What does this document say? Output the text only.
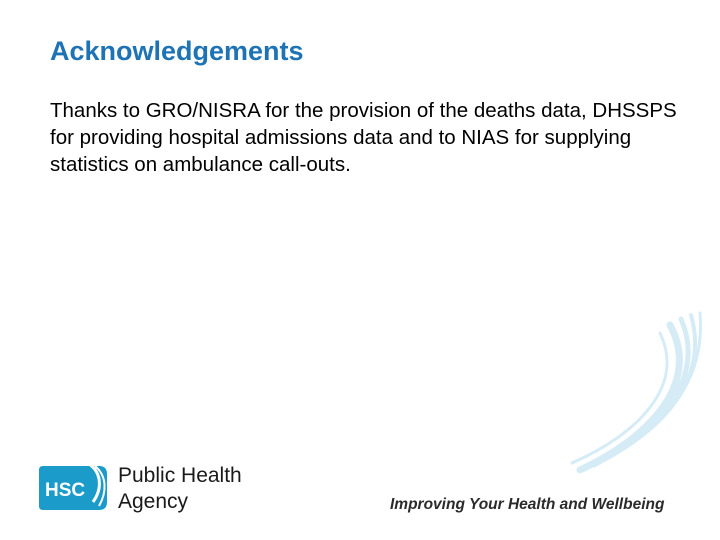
Acknowledgements

Thanks to GRO/NISRA for the provision of the deaths data, DHSSPS for providing hospital admissions data and to NIAS for supplying statistics on ambulance call-outs.

HSC
Public Health
Agency	Improving Your Health and Wellbeing
